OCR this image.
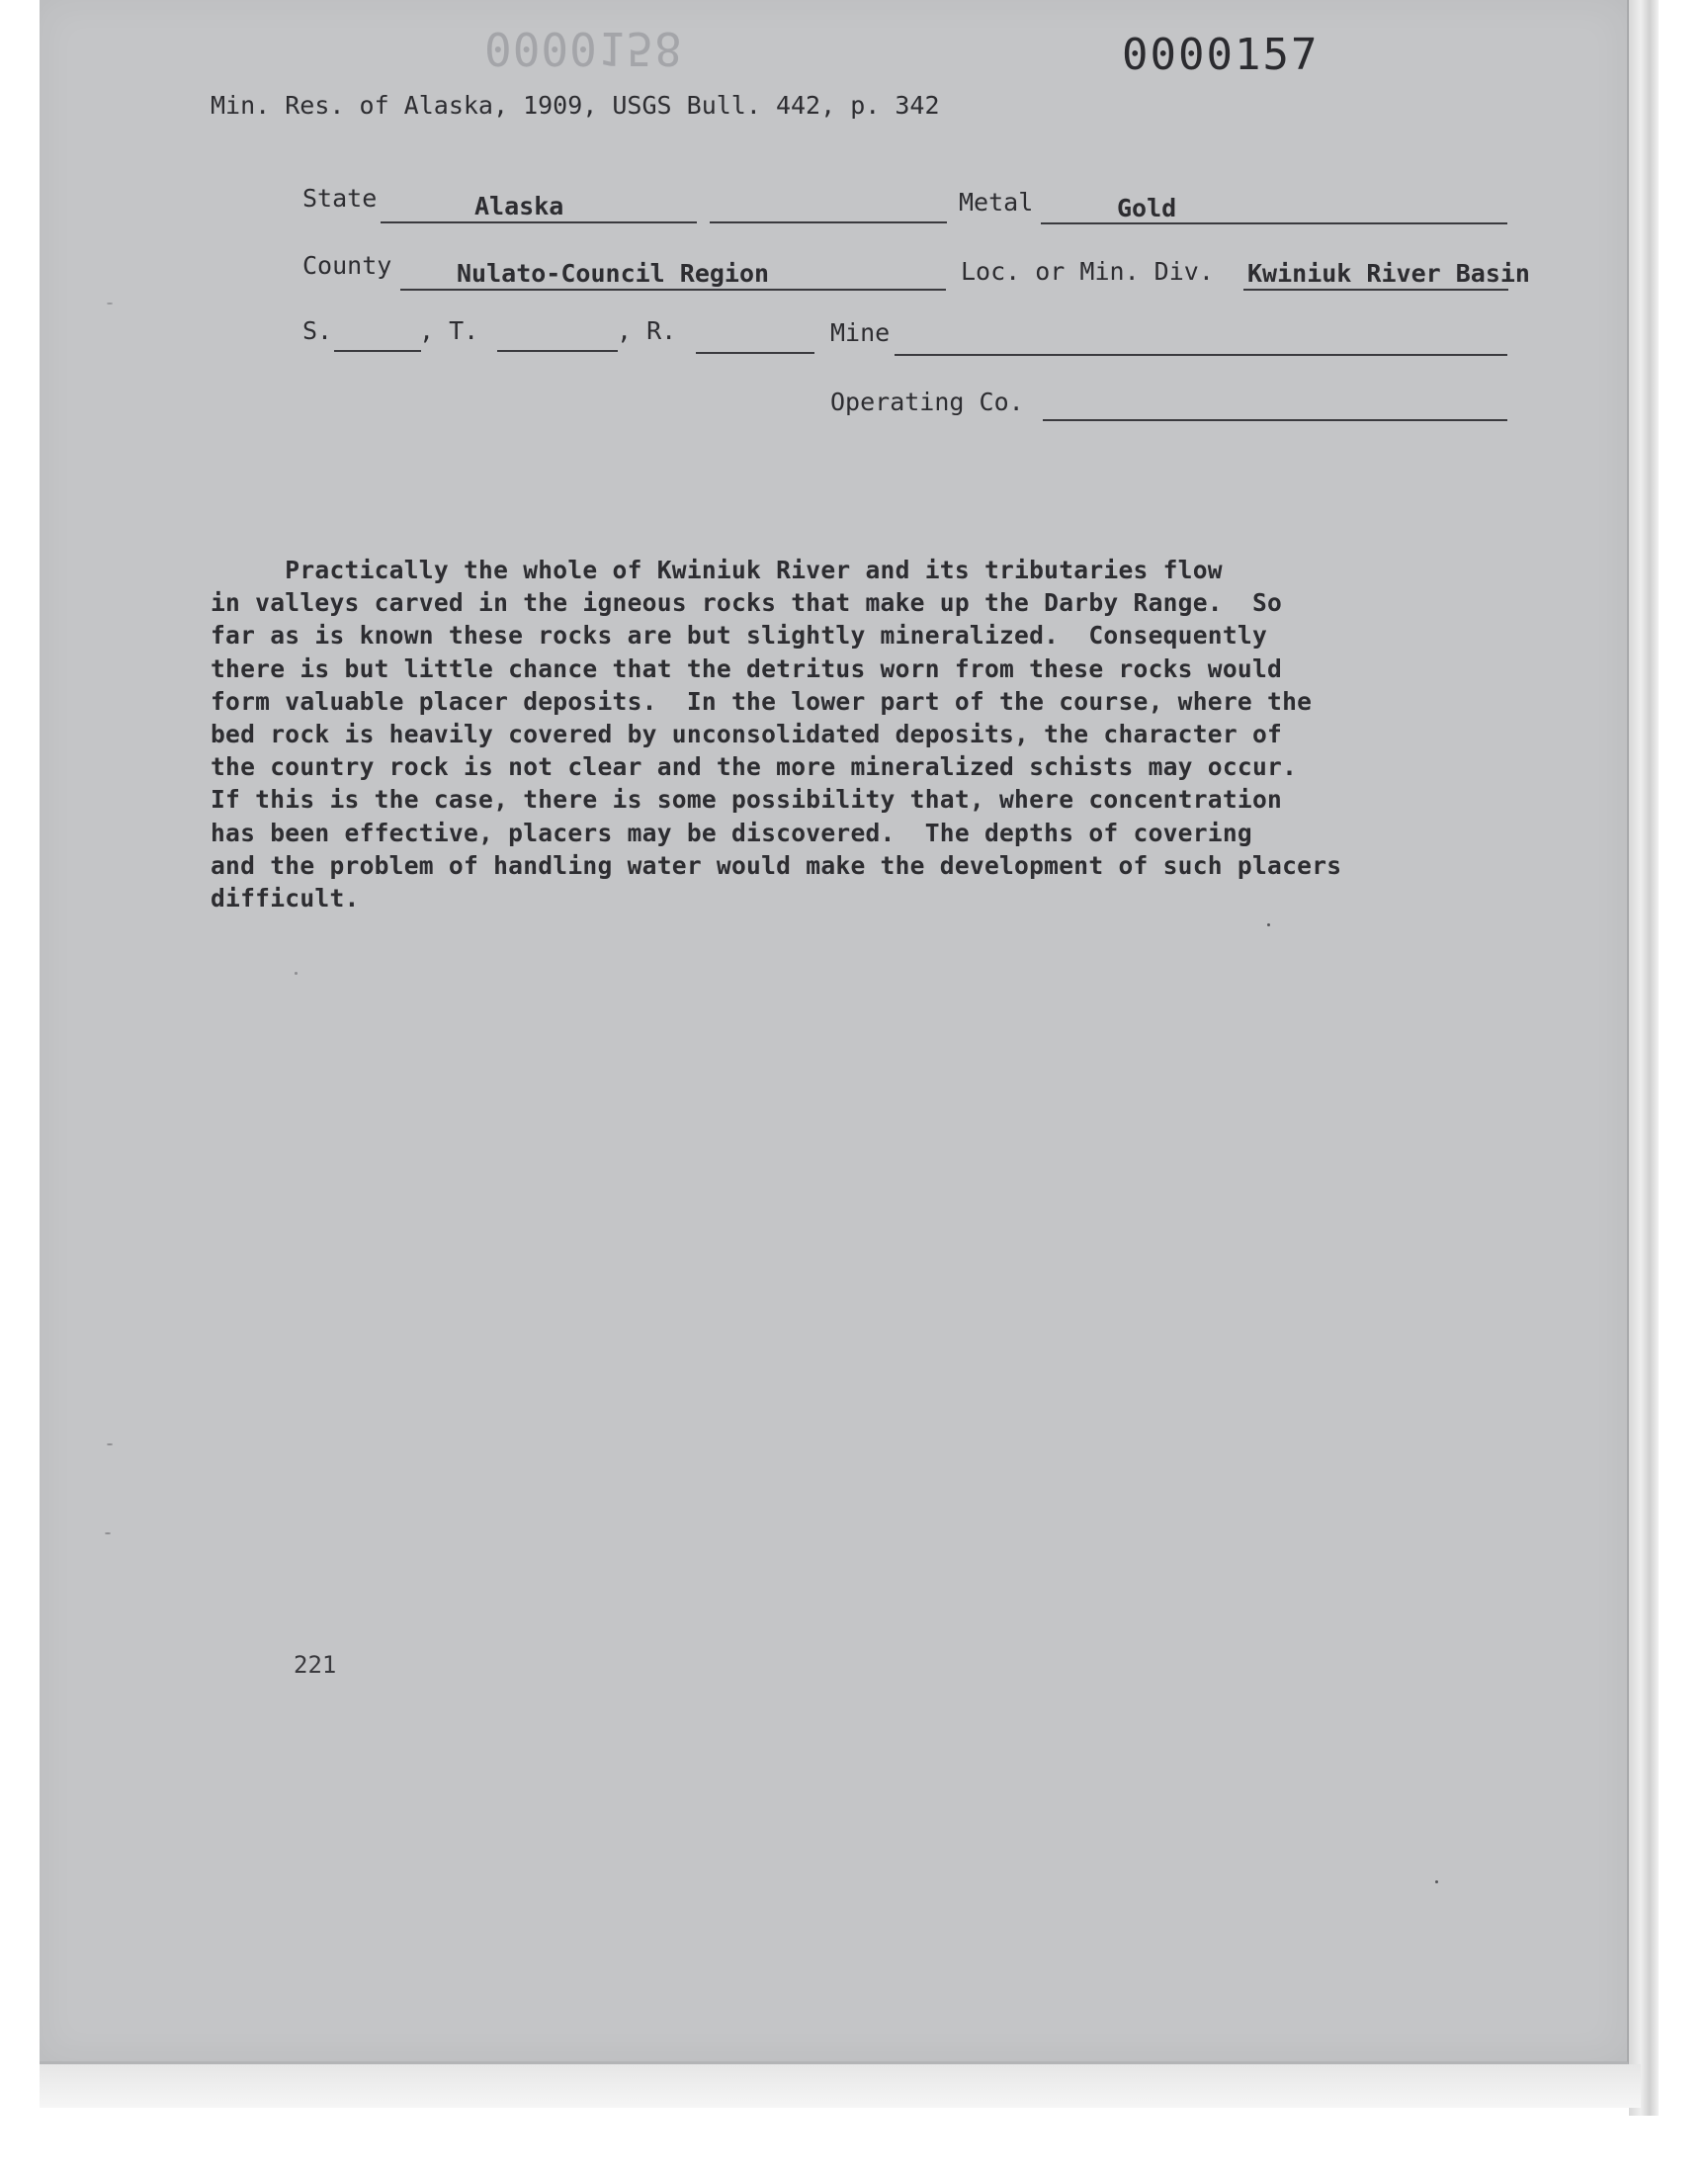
0000158	0000157
Min. Res. of Alaska, 1909, USGS Bull. 442, p. 342
State	Alaska	Metal	Gold
County	Nulato-Council Region	Loc. or Min. Div. Kwiniuk River Basin
S.	, T.	, R.	Mine
Operating Co.
Practically the whole of Kwiniuk River and its tributaries flow
in valleys carved in the igneous rocks that make up the Darby Range.  So
far as is known these rocks are but slightly mineralized.  Consequently
there is but little chance that the detritus worn from these rocks would
form valuable placer deposits.  In the lower part of the course, where the
bed rock is heavily covered by unconsolidated deposits, the character of
the country rock is not clear and the more mineralized schists may occur.
If this is the case, there is some possibility that, where concentration
has been effective, placers may be discovered.  The depths of covering
and the problem of handling water would make the development of such placers
difficult.
221
